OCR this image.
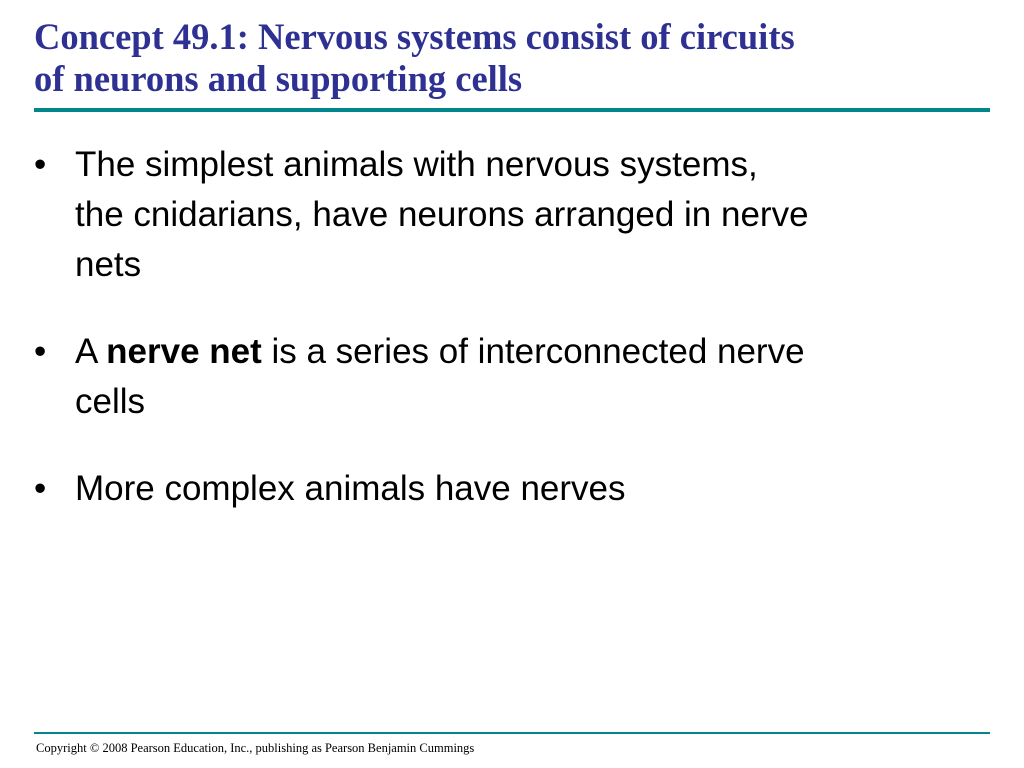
Concept 49.1: Nervous systems consist of circuits
of neurons and supporting cells
• The simplest animals with nervous systems,
the cnidarians, have neurons arranged in nerve
nets
• A nerve net is a series of interconnected nerve
cells
• More complex animals have nerves
Copyright © 2008 Pearson Education, Inc., publishing as Pearson Benjamin Cummings
